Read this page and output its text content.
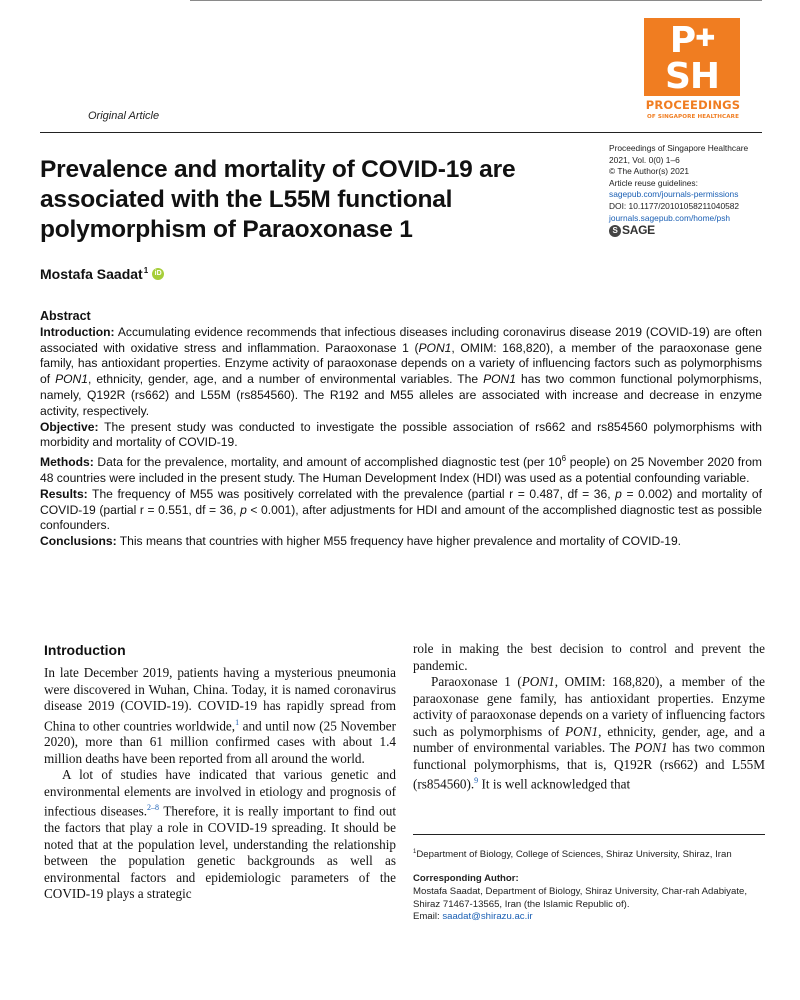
Original Article
P✚
SH
PROCEEDINGS
OF SINGAPORE HEALTHCARE
Proceedings of Singapore Healthcare
2021, Vol. 0(0) 1–6
© The Author(s) 2021
Article reuse guidelines:
sagepub.com/journals-permissions
DOI: 10.1177/20101058211040582
journals.sagepub.com/home/psh
S SAGE
Prevalence and mortality of COVID-19 are associated with the L55M functional polymorphism of Paraoxonase 1
Mostafa Saadat$^1$ iD
Abstract

Introduction: Accumulating evidence recommends that infectious diseases including coronavirus disease 2019 (COVID-19) are often associated with oxidative stress and inflammation. Paraoxonase 1 (PON1, OMIM: 168,820), a member of the paraoxonase gene family, has antioxidant properties. Enzyme activity of paraoxonase depends on a variety of influencing factors such as polymorphisms of PON1, ethnicity, gender, age, and a number of environmental variables. The PON1 has two common functional polymorphisms, namely, Q192R (rs662) and L55M (rs854560). The R192 and M55 alleles are associated with increase and decrease in enzyme activity, respectively.

Objective: The present study was conducted to investigate the possible association of rs662 and rs854560 polymorphisms with morbidity and mortality of COVID-19.

Methods: Data for the prevalence, mortality, and amount of accomplished diagnostic test (per $10^6$ people) on 25 November 2020 from 48 countries were included in the present study. The Human Development Index (HDI) was used as a potential confounding variable.

Results: The frequency of M55 was positively correlated with the prevalence (partial r = 0.487, df = 36, p = 0.002) and mortality of COVID-19 (partial r = 0.551, df = 36, p < 0.001), after adjustments for HDI and amount of the accomplished diagnostic test as possible confounders.

Conclusions: This means that countries with higher M55 frequency have higher prevalence and mortality of COVID-19.

Introduction

In late December 2019, patients having a mysterious pneumonia were discovered in Wuhan, China. Today, it is named coronavirus disease 2019 (COVID-19). COVID-19 has rapidly spread from China to other countries worldwide,$^1$ and until now (25 November 2020), more than 61 million confirmed cases with about 1.4 million deaths have been reported from all around the world.

A lot of studies have indicated that various genetic and environmental elements are involved in etiology and prognosis of infectious diseases.$^{2-8}$ Therefore, it is really important to find out the factors that play a role in COVID-19 spreading. It should be noted that at the population level, understanding the relationship between the population genetic backgrounds as well as environmental factors and epidemiologic parameters of the COVID-19 plays a strategic

role in making the best decision to control and prevent the pandemic.

Paraoxonase 1 (PON1, OMIM: 168,820), a member of the paraoxonase gene family, has antioxidant properties. Enzyme activity of paraoxonase depends on a variety of influencing factors such as polymorphisms of PON1, ethnicity, gender, age, and a number of environmental variables. The PON1 has two common functional polymorphisms, that is, Q192R (rs662) and L55M (rs854560).$^9$ It is well acknowledged that

$^1$Department of Biology, College of Sciences, Shiraz University, Shiraz, Iran
Corresponding Author:
Mostafa Saadat, Department of Biology, Shiraz University, Char-rah Adabiyate, Shiraz 71467-13565, Iran (the Islamic Republic of).
Email: saadat@shirazu.ac.ir
